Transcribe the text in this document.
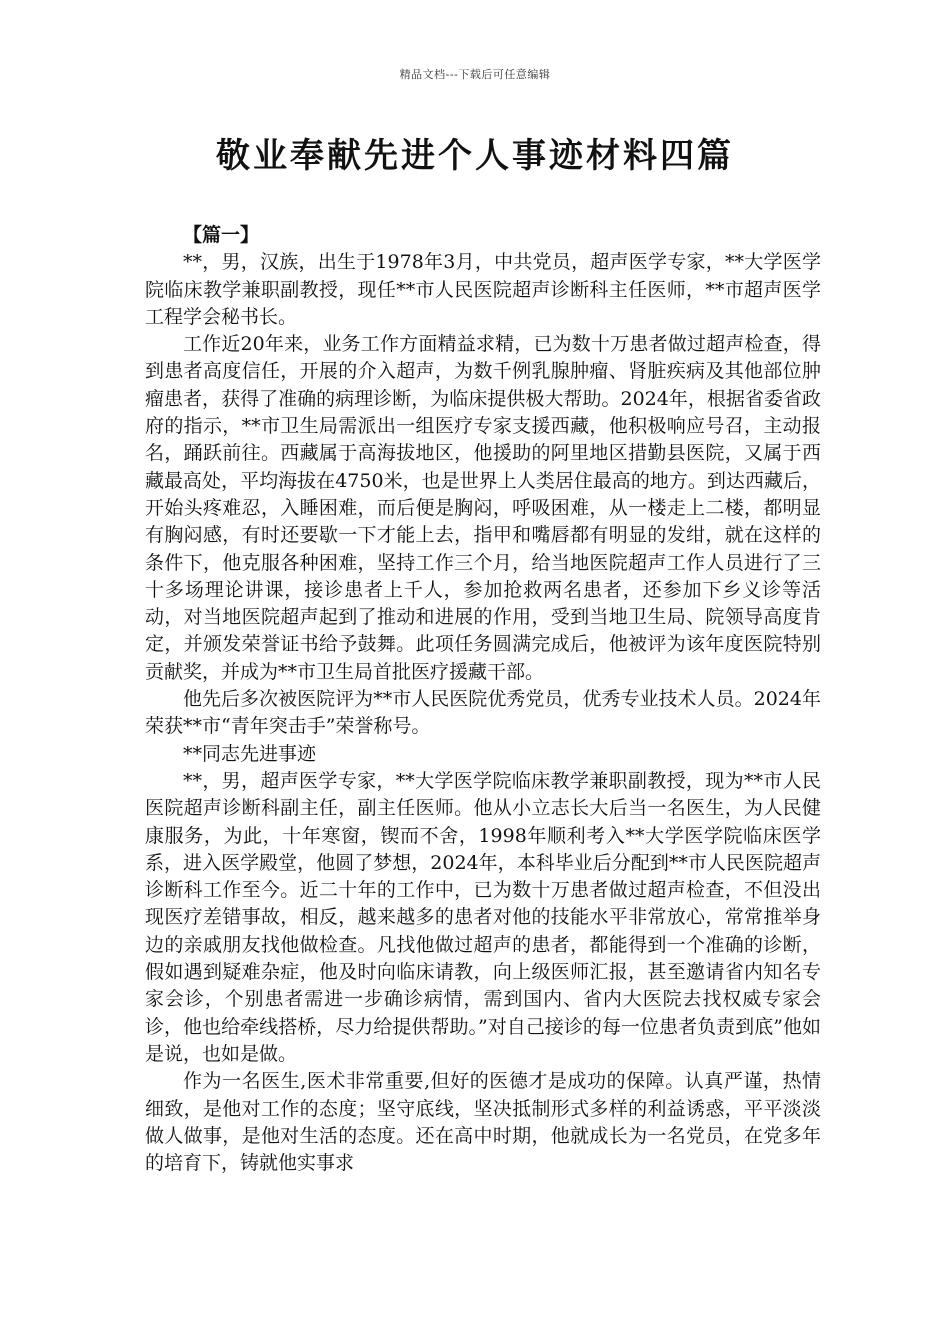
精品文档---下载后可任意编辑
敬业奉献先进个人事迹材料四篇
【篇一】

**，男，汉族，出生于1978年3月，中共党员，超声医学专家，**大学医学院临床教学兼职副教授，现任**市人民医院超声诊断科主任医师，**市超声医学工程学会秘书长。

工作近20年来，业务工作方面精益求精，已为数十万患者做过超声检查，得到患者高度信任，开展的介入超声，为数千例乳腺肿瘤、肾脏疾病及其他部位肿瘤患者，获得了准确的病理诊断，为临床提供极大帮助。2024年，根据省委省政府的指示，**市卫生局需派出一组医疗专家支援西藏，他积极响应号召，主动报名，踊跃前往。西藏属于高海拔地区，他援助的阿里地区措勤县医院，又属于西藏最高处，平均海拔在4750米，也是世界上人类居住最高的地方。到达西藏后，开始头疼难忍，入睡困难，而后便是胸闷，呼吸困难，从一楼走上二楼，都明显有胸闷感，有时还要歇一下才能上去，指甲和嘴唇都有明显的发绀，就在这样的条件下，他克服各种困难，坚持工作三个月，给当地医院超声工作人员进行了三十多场理论讲课，接诊患者上千人，参加抢救两名患者，还参加下乡义诊等活动，对当地医院超声起到了推动和进展的作用，受到当地卫生局、院领导高度肯定，并颁发荣誉证书给予鼓舞。此项任务圆满完成后，他被评为该年度医院特别贡献奖，并成为**市卫生局首批医疗援藏干部。

他先后多次被医院评为**市人民医院优秀党员，优秀专业技术人员。2024年荣获**市“青年突击手”荣誉称号。

**同志先进事迹

**，男，超声医学专家，**大学医学院临床教学兼职副教授，现为**市人民医院超声诊断科副主任，副主任医师。他从小立志长大后当一名医生，为人民健康服务，为此，十年寒窗，锲而不舍，1998年顺利考入**大学医学院临床医学系，进入医学殿堂，他圆了梦想，2024年，本科毕业后分配到**市人民医院超声诊断科工作至今。近二十年的工作中，已为数十万患者做过超声检查，不但没出现医疗差错事故，相反，越来越多的患者对他的技能水平非常放心，常常推举身边的亲戚朋友找他做检查。凡找他做过超声的患者，都能得到一个准确的诊断，假如遇到疑难杂症，他及时向临床请教，向上级医师汇报，甚至邀请省内知名专家会诊，个别患者需进一步确诊病情，需到国内、省内大医院去找权威专家会诊，他也给牵线搭桥，尽力给提供帮助。”对自己接诊的每一位患者负责到底”他如是说，也如是做。

作为一名医生,医术非常重要,但好的医德才是成功的保障。认真严谨，热情细致，是他对工作的态度；坚守底线，坚决抵制形式多样的利益诱惑，平平淡淡做人做事，是他对生活的态度。还在高中时期，他就成长为一名党员，在党多年的培育下，铸就他实事求
